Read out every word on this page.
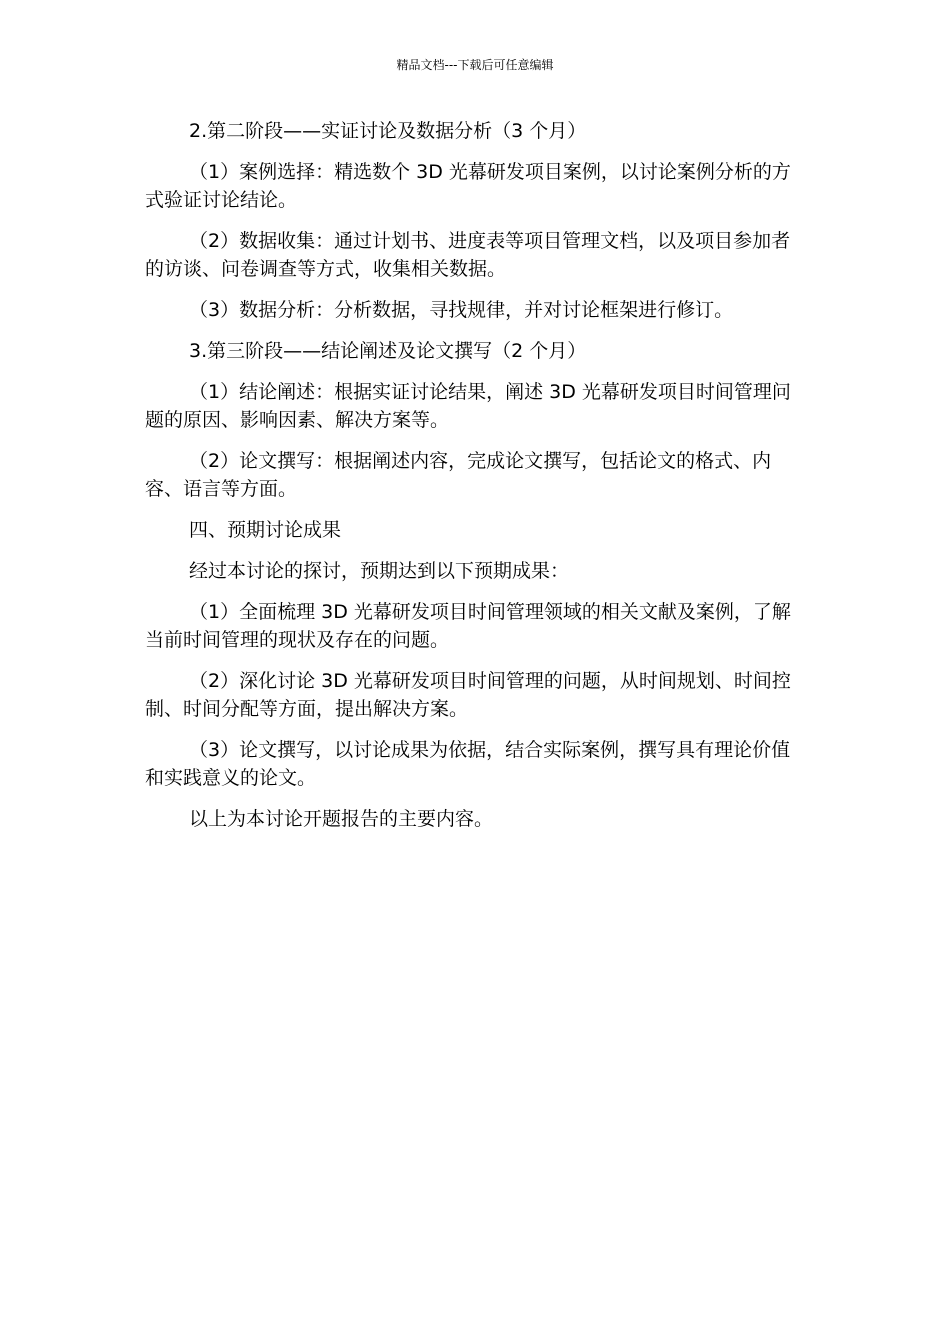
精品文档---下载后可任意编辑

2.第二阶段——实证讨论及数据分析（3 个月）

（1）案例选择：精选数个 3D 光幕研发项目案例，以讨论案例分析的方式验证讨论结论。

（2）数据收集：通过计划书、进度表等项目管理文档，以及项目参加者的访谈、问卷调查等方式，收集相关数据。

（3）数据分析：分析数据，寻找规律，并对讨论框架进行修订。

3.第三阶段——结论阐述及论文撰写（2 个月）

（1）结论阐述：根据实证讨论结果，阐述 3D 光幕研发项目时间管理问题的原因、影响因素、解决方案等。

（2）论文撰写：根据阐述内容，完成论文撰写，包括论文的格式、内容、语言等方面。

四、预期讨论成果

经过本讨论的探讨，预期达到以下预期成果：

（1）全面梳理 3D 光幕研发项目时间管理领域的相关文献及案例，了解当前时间管理的现状及存在的问题。

（2）深化讨论 3D 光幕研发项目时间管理的问题，从时间规划、时间控制、时间分配等方面，提出解决方案。

（3）论文撰写，以讨论成果为依据，结合实际案例，撰写具有理论价值和实践意义的论文。

以上为本讨论开题报告的主要内容。
